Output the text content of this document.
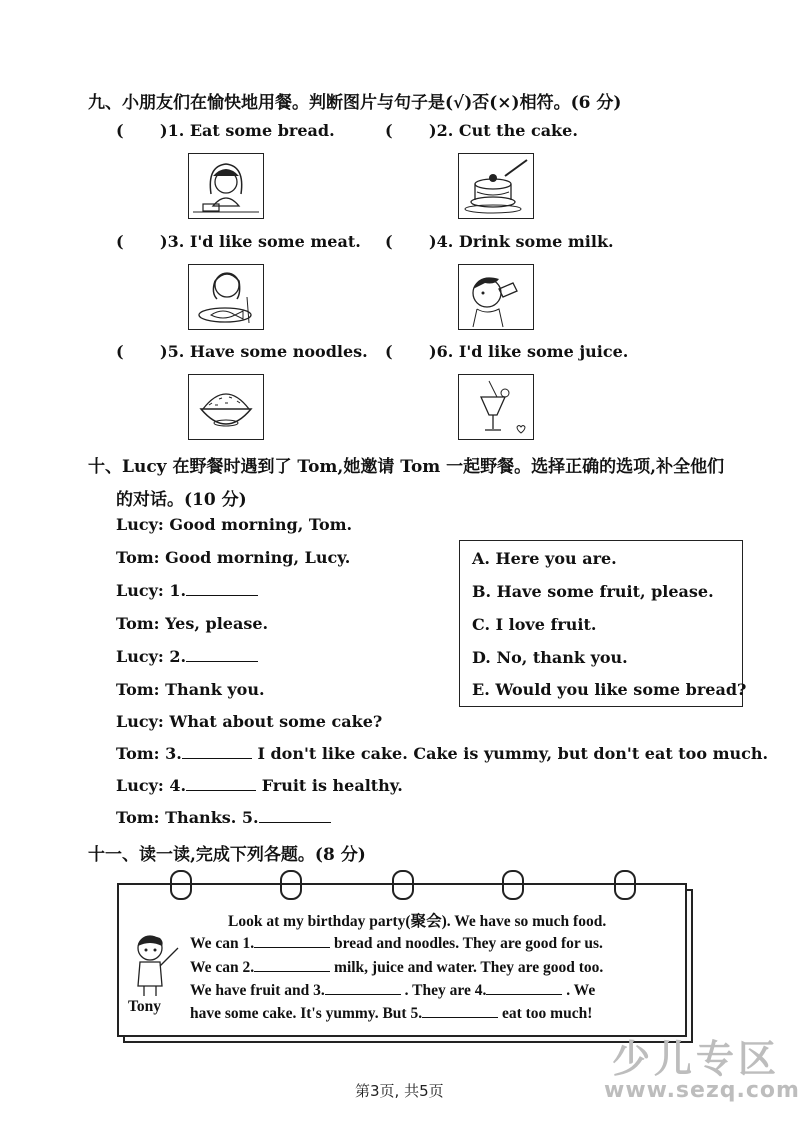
九、小朋友们在愉快地用餐。判断图片与句子是(√)否(×)相符。(6 分)
( )1. Eat some bread.	( )2. Cut the cake.
( )3. I'd like some meat. ( )4. Drink some milk.
( )5. Have some noodles. ( )6. I'd like some juice.
十、Lucy 在野餐时遇到了 Tom,她邀请 Tom 一起野餐。选择正确的选项,补全他们
的对话。(10 分)
Lucy: Good morning, Tom.
Tom: Good morning, Lucy.
Lucy: 1.
Tom: Yes, please.
Lucy: 2.
Tom: Thank you.
Lucy: What about some cake?
Tom: 3.	I don't like cake. Cake is yummy, but don't eat too much.
Lucy: 4.	Fruit is healthy.
Tom: Thanks. 5.
A. Here you are.
B. Have some fruit, please.
C. I love fruit.
D. No, thank you.
E. Would you like some bread?
十一、读一读,完成下列各题。(8 分)
Tony
Look at my birthday party(聚会). We have so much food.
We can 1.	bread and noodles. They are good for us.
We can 2.	milk, juice and water. They are good too.
We have fruit and 3.	. They are 4.	. We
have some cake. It's yummy. But 5.	eat too much!
第3页, 共5页
少儿专区
www.sezq.com
